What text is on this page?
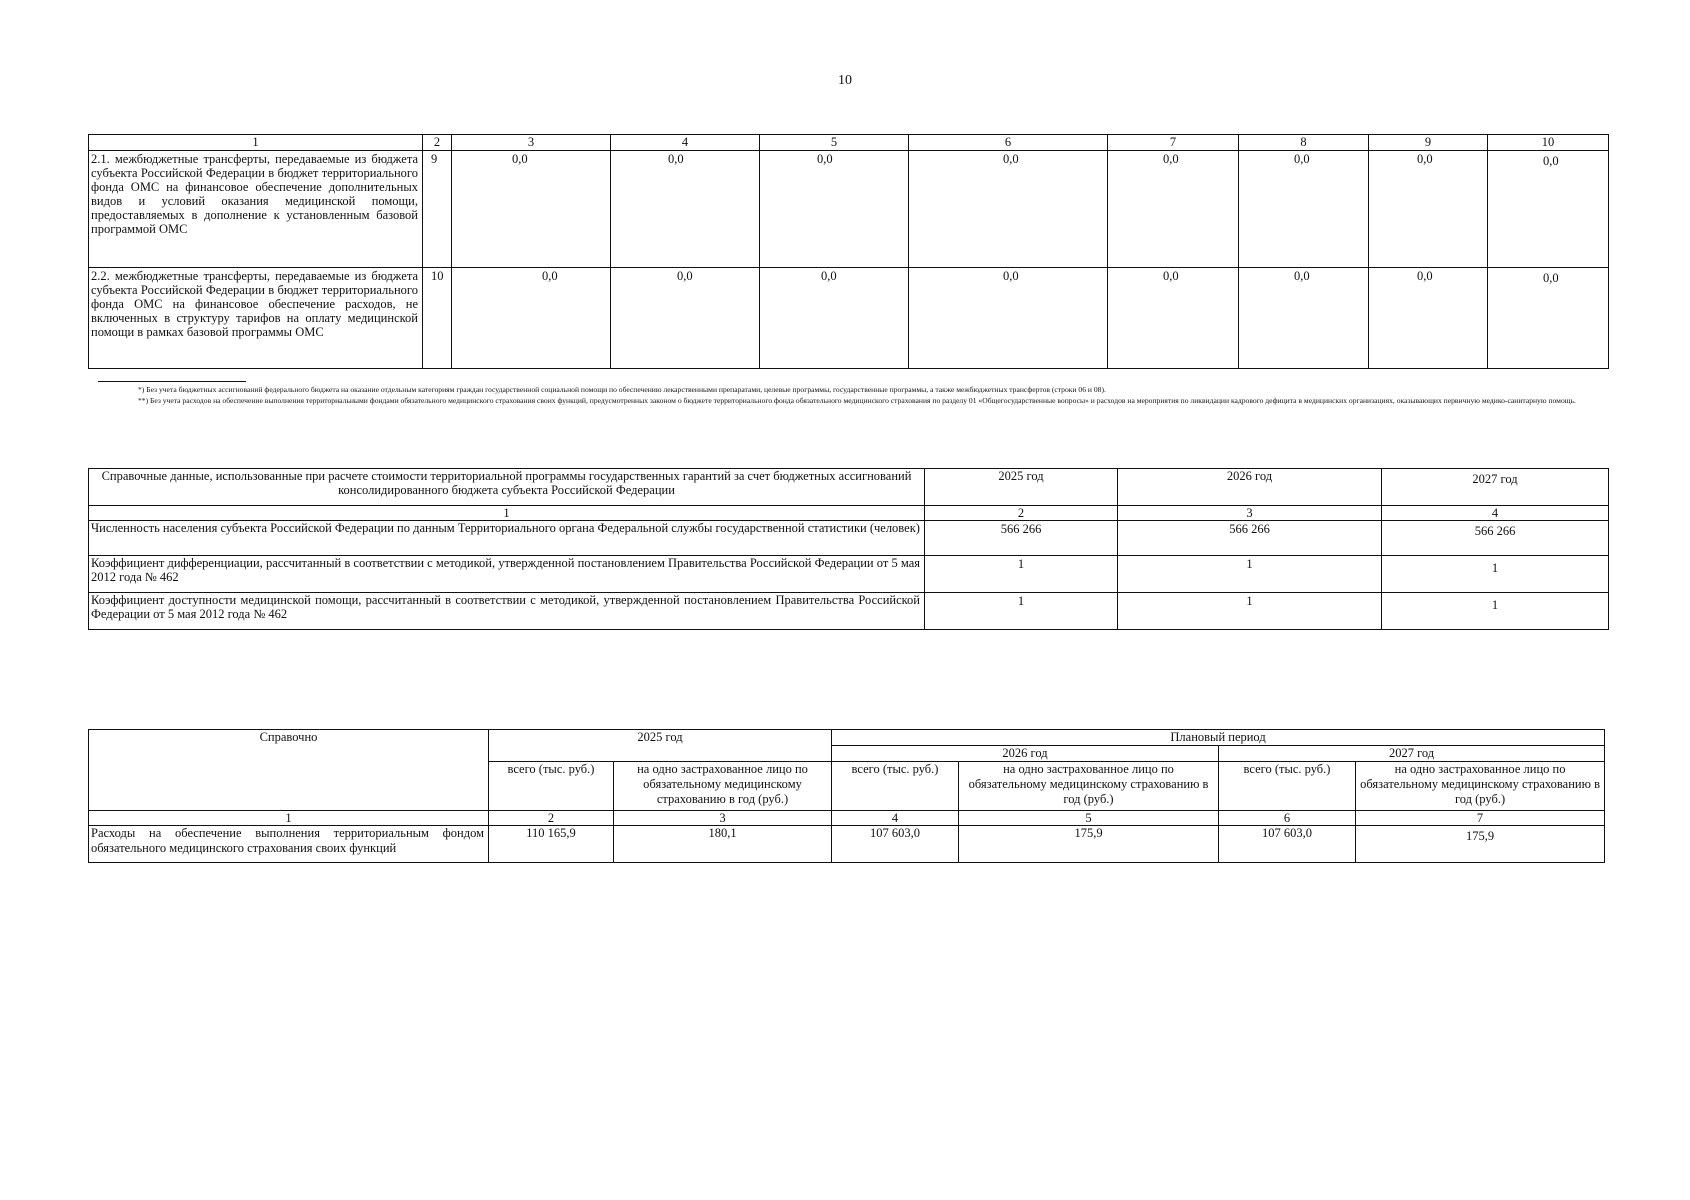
10
1	2	3	4	5	6	7	8	9	10
2.1. межбюджетные трансферты, передаваемые из бюджета субъекта Российской Федерации в бюджет территориального фонда ОМС на финансовое обеспечение дополнительных видов и условий оказания медицинской помощи, предоставляемых в дополнение к установленным базовой программой ОМС	9	0,0	0,0	0,0	0,0	0,0	0,0	0,0	0,0
2.2. межбюджетные трансферты, передаваемые из бюджета субъекта Российской Федерации в бюджет территориального фонда ОМС на финансовое обеспечение расходов, не включенных в структуру тарифов на оплату медицинской помощи в рамках базовой программы ОМС	10	0,0	0,0	0,0	0,0	0,0	0,0	0,0	0,0

*) Без учета бюджетных ассигнований федерального бюджета на оказание отдельным категориям граждан государственной социальной помощи по обеспечению лекарственными препаратами, целевые программы, государственные программы, а также межбюджетных трансфертов (строки 06 и 08).

**) Без учета расходов на обеспечение выполнения территориальными фондами обязательного медицинского страхования своих функций, предусмотренных законом о бюджете территориального фонда обязательного медицинского страхования по разделу 01 «Общегосударственные вопросы» и расходов на мероприятия по ликвидации кадрового дефицита в медицинских организациях, оказывающих первичную медико-санитарную помощь.

Справочные данные, использованные при расчете стоимости территориальной программы государственных гарантий за счет бюджетных ассигнований консолидированного бюджета субъекта Российской Федерации	2025 год	2026 год	2027 год
1	2	3	4

Численность населения субъекта Российской Федерации по данным Территориального органа Федеральной службы государственной статистики (человек)	566 266	566 266	566 266
Коэффициент дифференциации, рассчитанный в соответствии с методикой, утвержденной постановлением Правительства Российской Федерации от 5 мая 2012 года № 462	1	1	1
Коэффициент доступности медицинской помощи, рассчитанный в соответствии с методикой, утвержденной постановлением Правительства Российской Федерации от 5 мая 2012 года № 462	1	1	1
Справочно	2025 год		Плановый период			
			2026 год		2027 год	
	всего (тыс. руб.)	на одно застрахованное лицо по обязательному медицинскому страхованию в год (руб.)	всего (тыс. руб.)	на одно застрахованное лицо по обязательному медицинскому страхованию в год (руб.)	всего (тыс. руб.)	на одно застрахованное лицо по обязательному медицинскому страхованию в год (руб.)
1	2	3	4	5	6	7
Расходы на обеспечение выполнения территориальным фондом обязательного медицинского страхования своих функций	110 165,9	180,1	107 603,0	175,9	107 603,0	175,9
